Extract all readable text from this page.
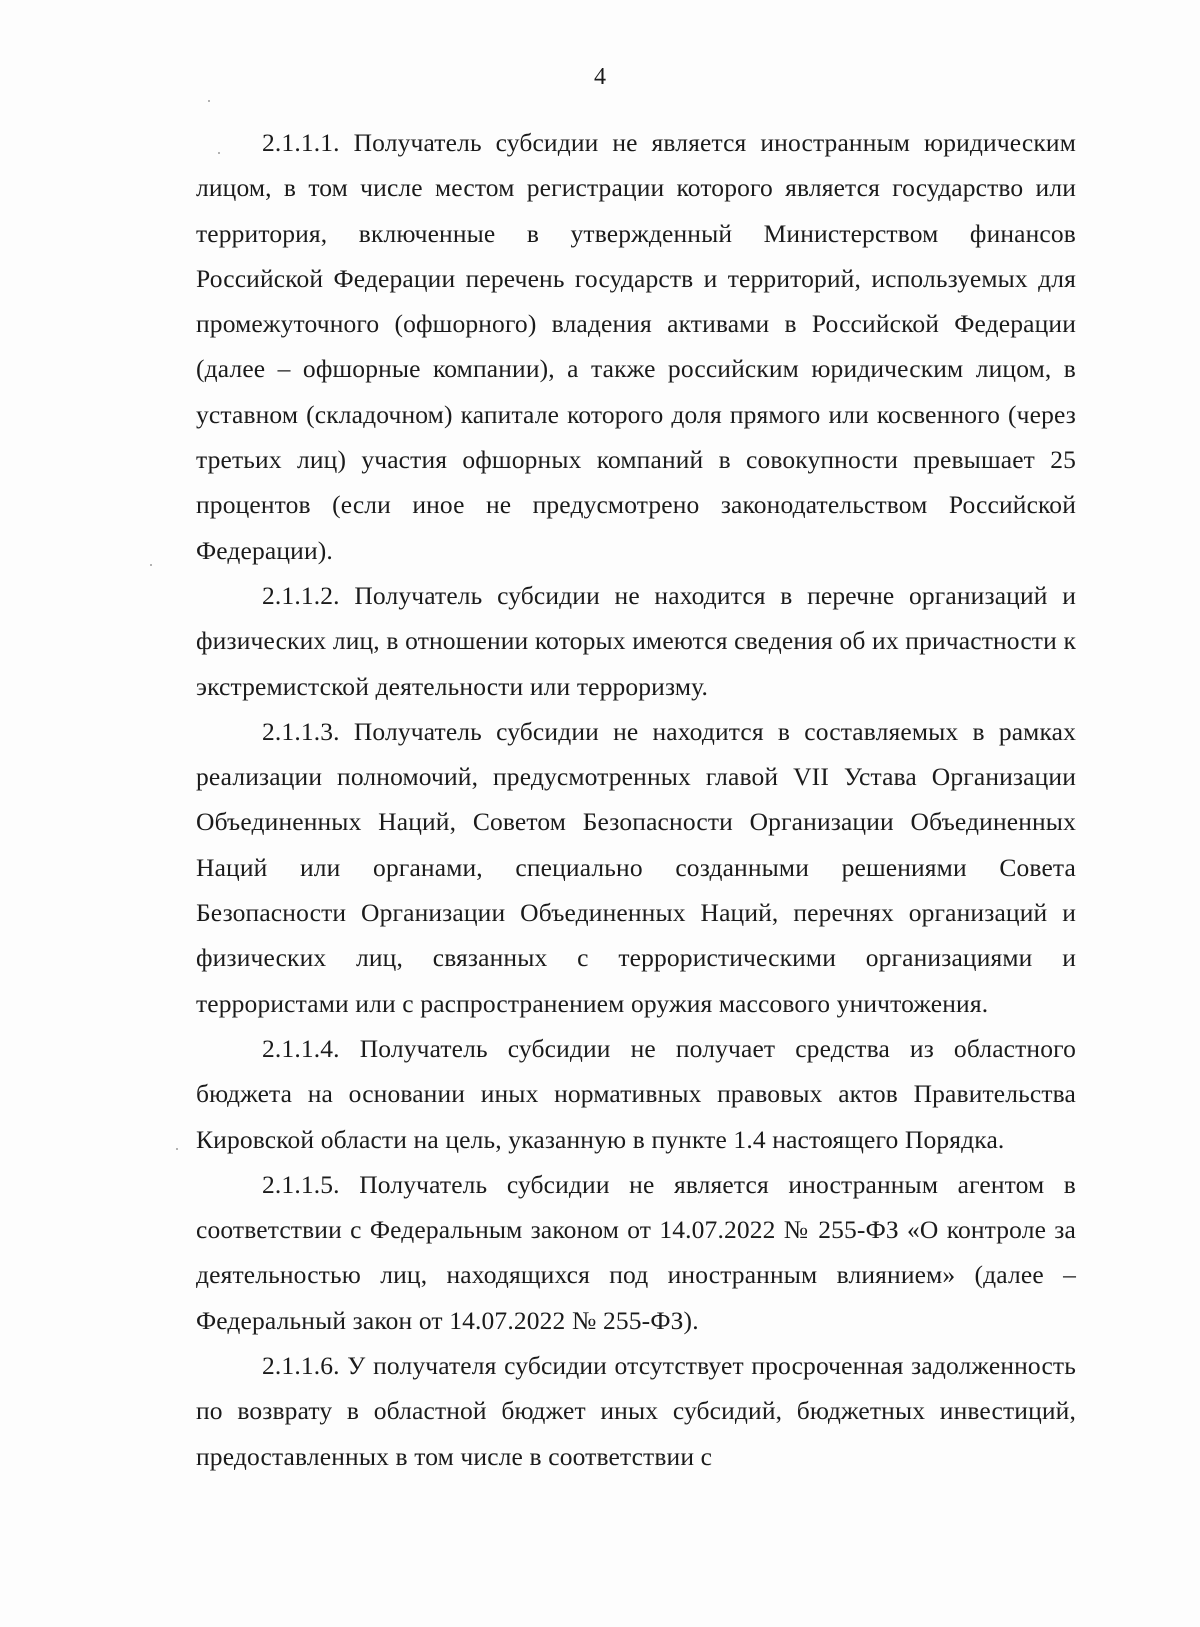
4

2.1.1.1. Получатель субсидии не является иностранным юридическим лицом, в том числе местом регистрации которого является государство или территория, включенные в утвержденный Министерством финансов Российской Федерации перечень государств и территорий, используемых для промежуточного (офшорного) владения активами в Российской Федерации (далее – офшорные компании), а также российским юридическим лицом, в уставном (складочном) капитале которого доля прямого или косвенного (через третьих лиц) участия офшорных компаний в совокупности превышает 25 процентов (если иное не предусмотрено законодательством Российской Федерации).

2.1.1.2. Получатель субсидии не находится в перечне организаций и физических лиц, в отношении которых имеются сведения об их причастности к экстремистской деятельности или терроризму.

2.1.1.3. Получатель субсидии не находится в составляемых в рамках реализации полномочий, предусмотренных главой VII Устава Организации Объединенных Наций, Советом Безопасности Организации Объединенных Наций или органами, специально созданными решениями Совета Безопасности Организации Объединенных Наций, перечнях организаций и физических лиц, связанных с террористическими организациями и террористами или с распространением оружия массового уничтожения.

2.1.1.4. Получатель субсидии не получает средства из областного бюджета на основании иных нормативных правовых актов Правительства Кировской области на цель, указанную в пункте 1.4 настоящего Порядка.

2.1.1.5. Получатель субсидии не является иностранным агентом в соответствии с Федеральным законом от 14.07.2022 № 255-ФЗ «О контроле за деятельностью лиц, находящихся под иностранным влиянием» (далее – Федеральный закон от 14.07.2022 № 255-ФЗ).

2.1.1.6. У получателя субсидии отсутствует просроченная задолженность по возврату в областной бюджет иных субсидий, бюджетных инвестиций, предоставленных в том числе в соответствии с
